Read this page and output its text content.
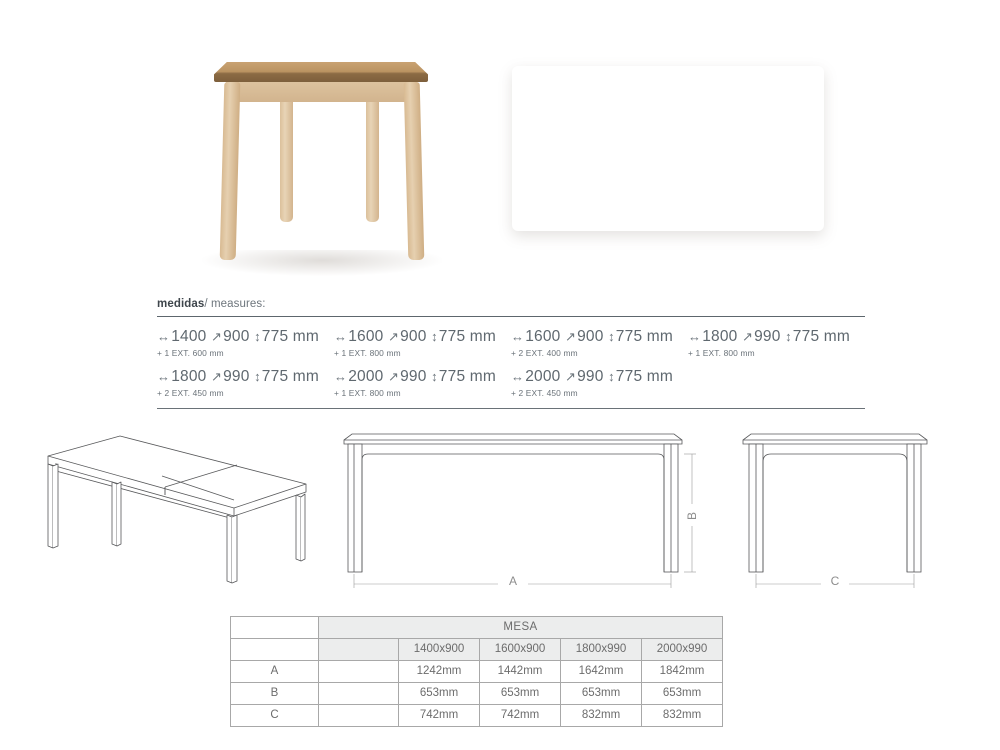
medidas/ measures:
↔1400 ↗900 ↕775 mm
+ 1 EXT. 600 mm
↔1600 ↗900 ↕775 mm
+ 1 EXT. 800 mm
↔1600 ↗900 ↕775 mm
+ 2 EXT. 400 mm
↔1800 ↗990 ↕775 mm
+ 1 EXT. 800 mm
↔1800 ↗990 ↕775 mm
+ 2 EXT. 450 mm
↔2000 ↗990 ↕775 mm
+ 1 EXT. 800 mm
↔2000 ↗990 ↕775 mm
+ 2 EXT. 450 mm
A
B
C
	MESA				
		1400x900	1600x900	1800x990	2000x990
A		1242mm	1442mm	1642mm	1842mm
B		653mm	653mm	653mm	653mm
C		742mm	742mm	832mm	832mm
